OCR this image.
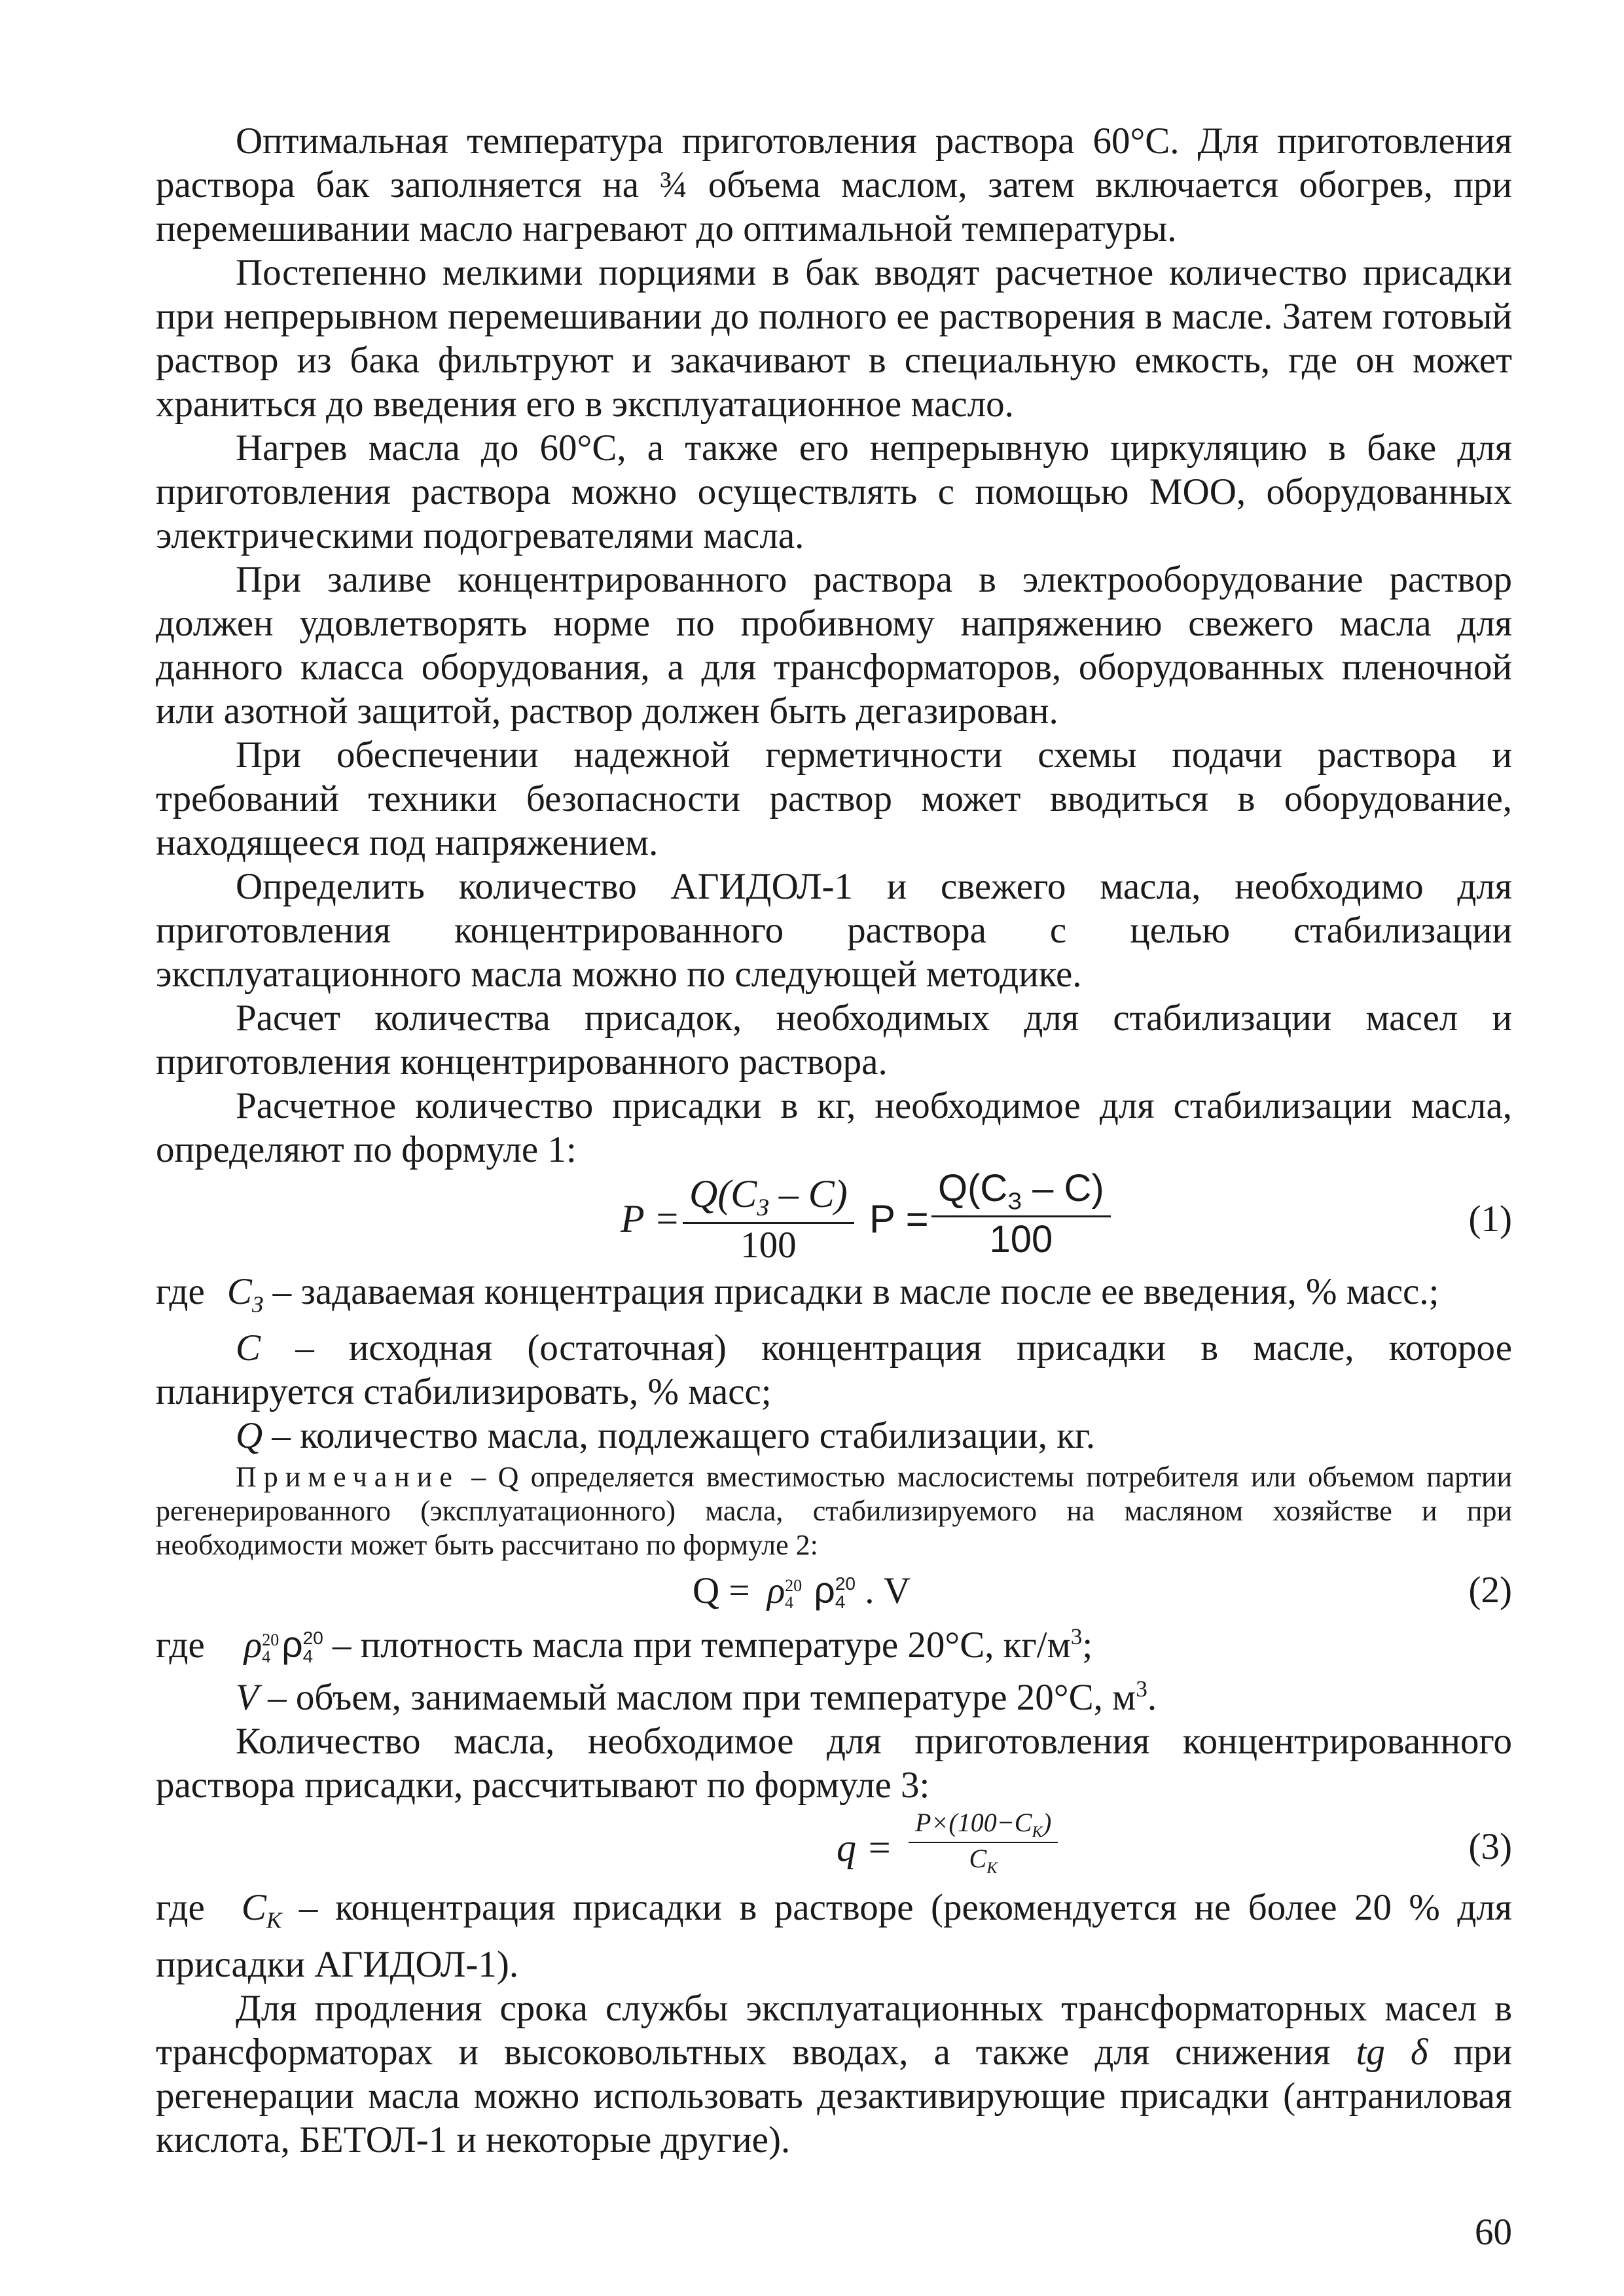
Оптимальная температура приготовления раствора 60°C. Для приготовления раствора бак заполняется на ¾ объема маслом, затем включается обогрев, при перемешивании масло нагревают до оптимальной температуры.

Постепенно мелкими порциями в бак вводят расчетное количество присадки при непрерывном перемешивании до полного ее растворения в масле. Затем готовый раствор из бака фильтруют и закачивают в специальную емкость, где он может храниться до введения его в эксплуатационное масло.

Нагрев масла до 60°C, а также его непрерывную циркуляцию в баке для приготовления раствора можно осуществлять с помощью МОО, оборудованных электрическими подогревателями масла.

При заливе концентрированного раствора в электрооборудование раствор должен удовлетворять норме по пробивному напряжению свежего масла для данного класса оборудования, а для трансформаторов, оборудованных пленочной или азотной защитой, раствор должен быть дегазирован.

При обеспечении надежной герметичности схемы подачи раствора и требований техники безопасности раствор может вводиться в оборудование, находящееся под напряжением.

Определить количество АГИДОЛ-1 и свежего масла, необходимо для приготовления концентрированного раствора с целью стабилизации эксплуатационного масла можно по следующей методике.

Расчет количества присадок, необходимых для стабилизации масел и приготовления концентрированного раствора.

Расчетное количество присадки в кг, необходимое для стабилизации масла, определяют по формуле 1:

P =
$Q(C_З - C)$
100
P =
$Q(C_З - C)$
100	(1)

где $C_З$ – задаваемая концентрация присадки в масле после ее введения, % масс.;

C – исходная (остаточная) концентрация присадки в масле, которое планируется стабилизировать, % масс;

Q – количество масла, подлежащего стабилизации, кг.

Примечание – Q определяется вместимостью маслосистемы потребителя или объемом партии регенерированного (эксплуатационного) масла, стабилизируемого на масляном хозяйстве и при необходимости может быть рассчитано по формуле 2:

Q = ρ 20
4 ρ 20
4 . V	(2)

где ρ 20
4 ρ 20
4 – плотность масла при температуре 20°C, $кг/м^3$;

V – объем, занимаемый маслом при температуре 20°C, $м^3$.

Количество масла, необходимое для приготовления концентрированного раствора присадки, рассчитывают по формуле 3:

q =
$P\times(100-C_K)$
$C_K$
(3)

где $C_K$ – концентрация присадки в растворе (рекомендуется не более 20 % для присадки АГИДОЛ-1).

Для продления срока службы эксплуатационных трансформаторных масел в трансформаторах и высоковольтных вводах, а также для снижения tg δ при регенерации масла можно использовать дезактивирующие присадки (антраниловая кислота, БЕТОЛ-1 и некоторые другие).

60
